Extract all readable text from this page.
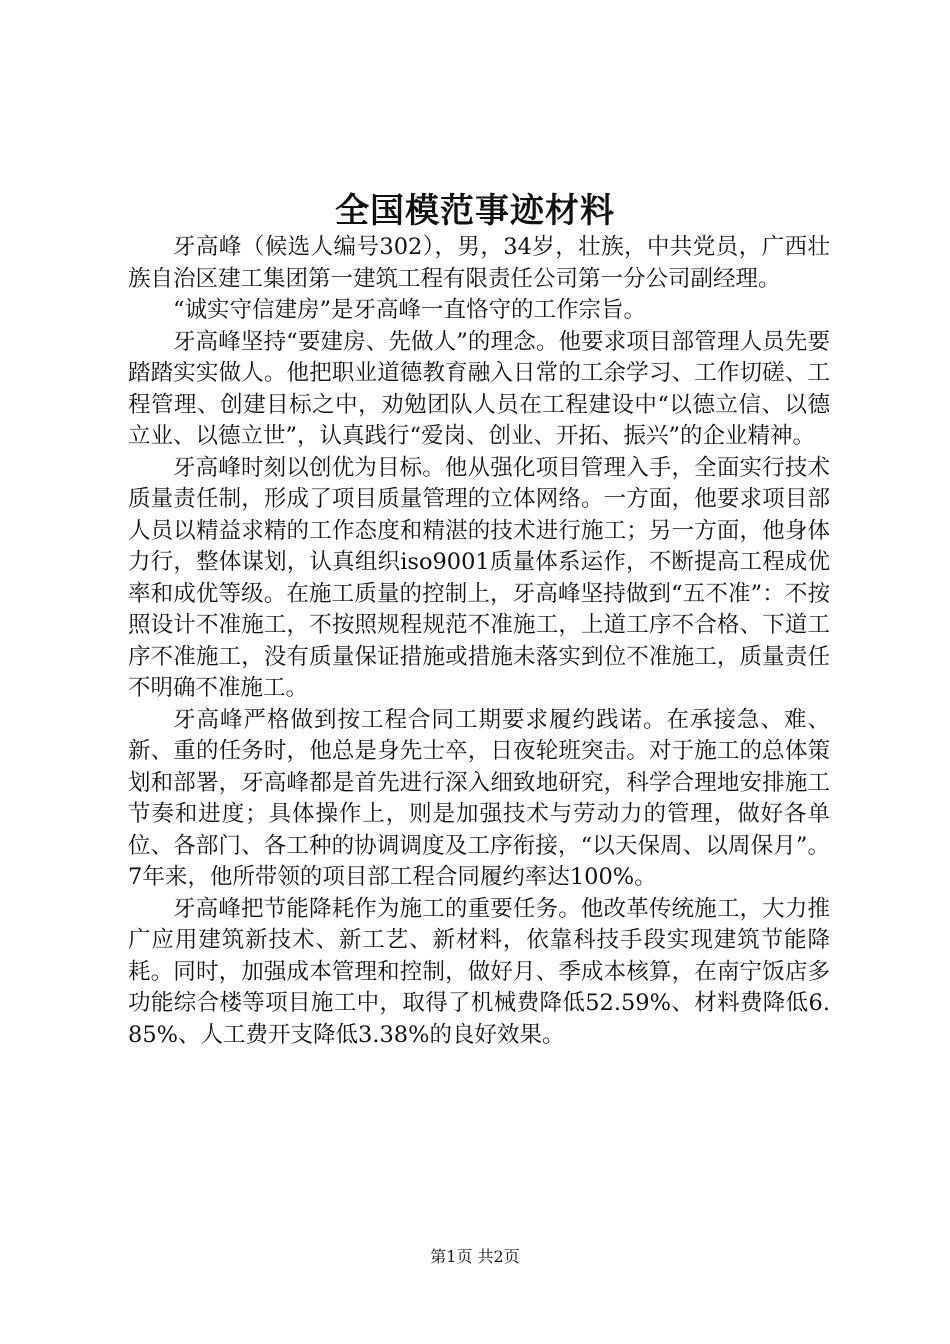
全国模范事迹材料

牙高峰（候选人编号302），男，34岁，壮族，中共党员，广西壮族自治区建工集团第一建筑工程有限责任公司第一分公司副经理。

“诚实守信建房”是牙高峰一直恪守的工作宗旨。

牙高峰坚持“要建房、先做人”的理念。他要求项目部管理人员先要踏踏实实做人。他把职业道德教育融入日常的工余学习、工作切磋、工程管理、创建目标之中，劝勉团队人员在工程建设中“以德立信、以德立业、以德立世”，认真践行“爱岗、创业、开拓、振兴”的企业精神。

牙高峰时刻以创优为目标。他从强化项目管理入手，全面实行技术质量责任制，形成了项目质量管理的立体网络。一方面，他要求项目部人员以精益求精的工作态度和精湛的技术进行施工；另一方面，他身体力行，整体谋划，认真组织iso9001质量体系运作，不断提高工程成优率和成优等级。在施工质量的控制上，牙高峰坚持做到“五不准”：不按照设计不准施工，不按照规程规范不准施工，上道工序不合格、下道工序不准施工，没有质量保证措施或措施未落实到位不准施工，质量责任不明确不准施工。

牙高峰严格做到按工程合同工期要求履约践诺。在承接急、难、新、重的任务时，他总是身先士卒，日夜轮班突击。对于施工的总体策划和部署，牙高峰都是首先进行深入细致地研究，科学合理地安排施工节奏和进度；具体操作上，则是加强技术与劳动力的管理，做好各单位、各部门、各工种的协调调度及工序衔接，“以天保周、以周保月”。7年来，他所带领的项目部工程合同履约率达100%。

牙高峰把节能降耗作为施工的重要任务。他改革传统施工，大力推广应用建筑新技术、新工艺、新材料，依靠科技手段实现建筑节能降耗。同时，加强成本管理和控制，做好月、季成本核算，在南宁饭店多功能综合楼等项目施工中，取得了机械费降低52.59%、材料费降低6.85%、人工费开支降低3.38%的良好效果。

第1页 共2页
